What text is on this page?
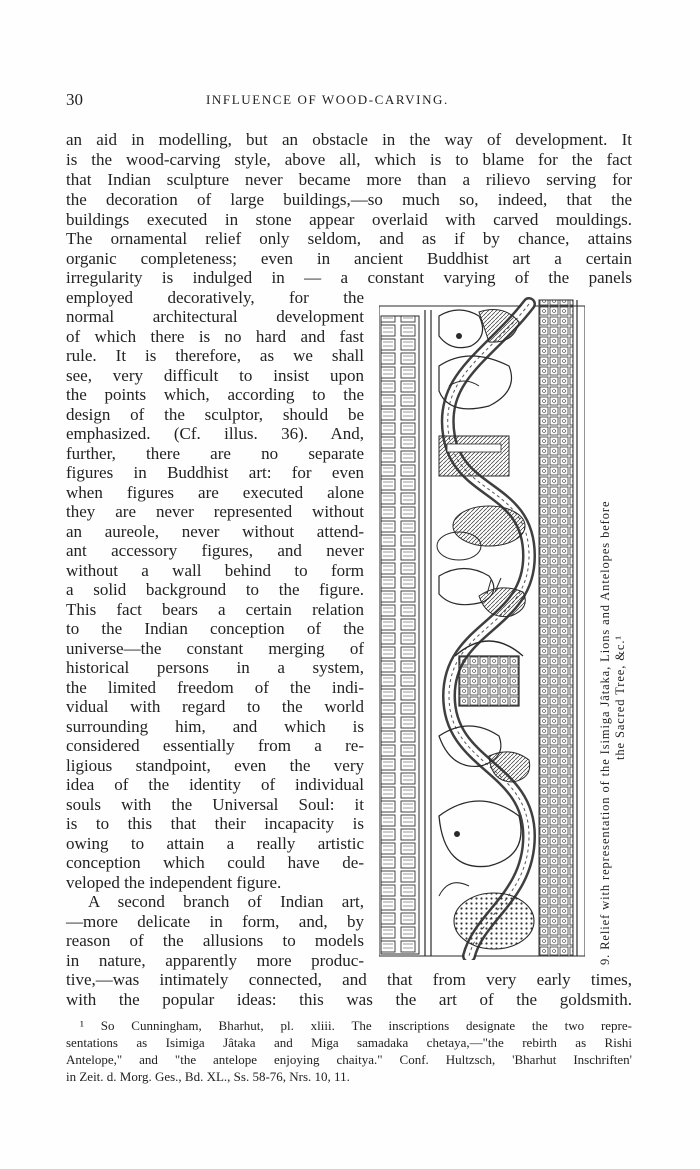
30	INFLUENCE OF WOOD-CARVING.
an aid in modelling, but an obstacle in the way of development. It
is the wood-carving style, above all, which is to blame for the fact
that Indian sculpture never became more than a rilievo serving for
the decoration of large buildings,—so much so, indeed, that the
buildings executed in stone appear overlaid with carved mouldings.
The ornamental relief only seldom, and as if by chance, attains
organic completeness; even in ancient Buddhist art a certain
irregularity is indulged in — a constant varying of the panels
employed decoratively, for the
normal architectural development
of which there is no hard and fast
rule. It is therefore, as we shall
see, very difficult to insist upon
the points which, according to the
design of the sculptor, should be
emphasized. (Cf. illus. 36). And,
further, there are no separate
figures in Buddhist art: for even
when figures are executed alone
they are never represented without
an aureole, never without attend-
ant accessory figures, and never
without a wall behind to form
a solid background to the figure.
This fact bears a certain relation
to the Indian conception of the
universe—the constant merging of
historical persons in a system,
the limited freedom of the indi-
vidual with regard to the world
surrounding him, and which is
considered essentially from a re-
ligious standpoint, even the very
idea of the identity of individual
souls with the Universal Soul: it
is to this that their incapacity is
owing to attain a really artistic
conception which could have de-
veloped the independent figure.
A second branch of Indian art,
—more delicate in form, and, by
reason of the allusions to models
in nature, apparently more produc-
tive,—was intimately connected, and that from very early times,
with the popular ideas: this was the art of the goldsmith.
¹ So Cunningham, Bharhut, pl. xliii. The inscriptions designate the two repre-
sentations as Isimiga Jâtaka and Miga samadaka chetaya,—"the rebirth as Rishi
Antelope," and "the antelope enjoying chaitya." Conf. Hultzsch, 'Bharhut Inschriften'
in Zeit. d. Morg. Ges., Bd. XL., Ss. 58-76, Nrs. 10, 11.
9. Relief with representation of the Isimiga Jâtaka, Lions and Antelopes before the Sacred Tree, &c.¹
